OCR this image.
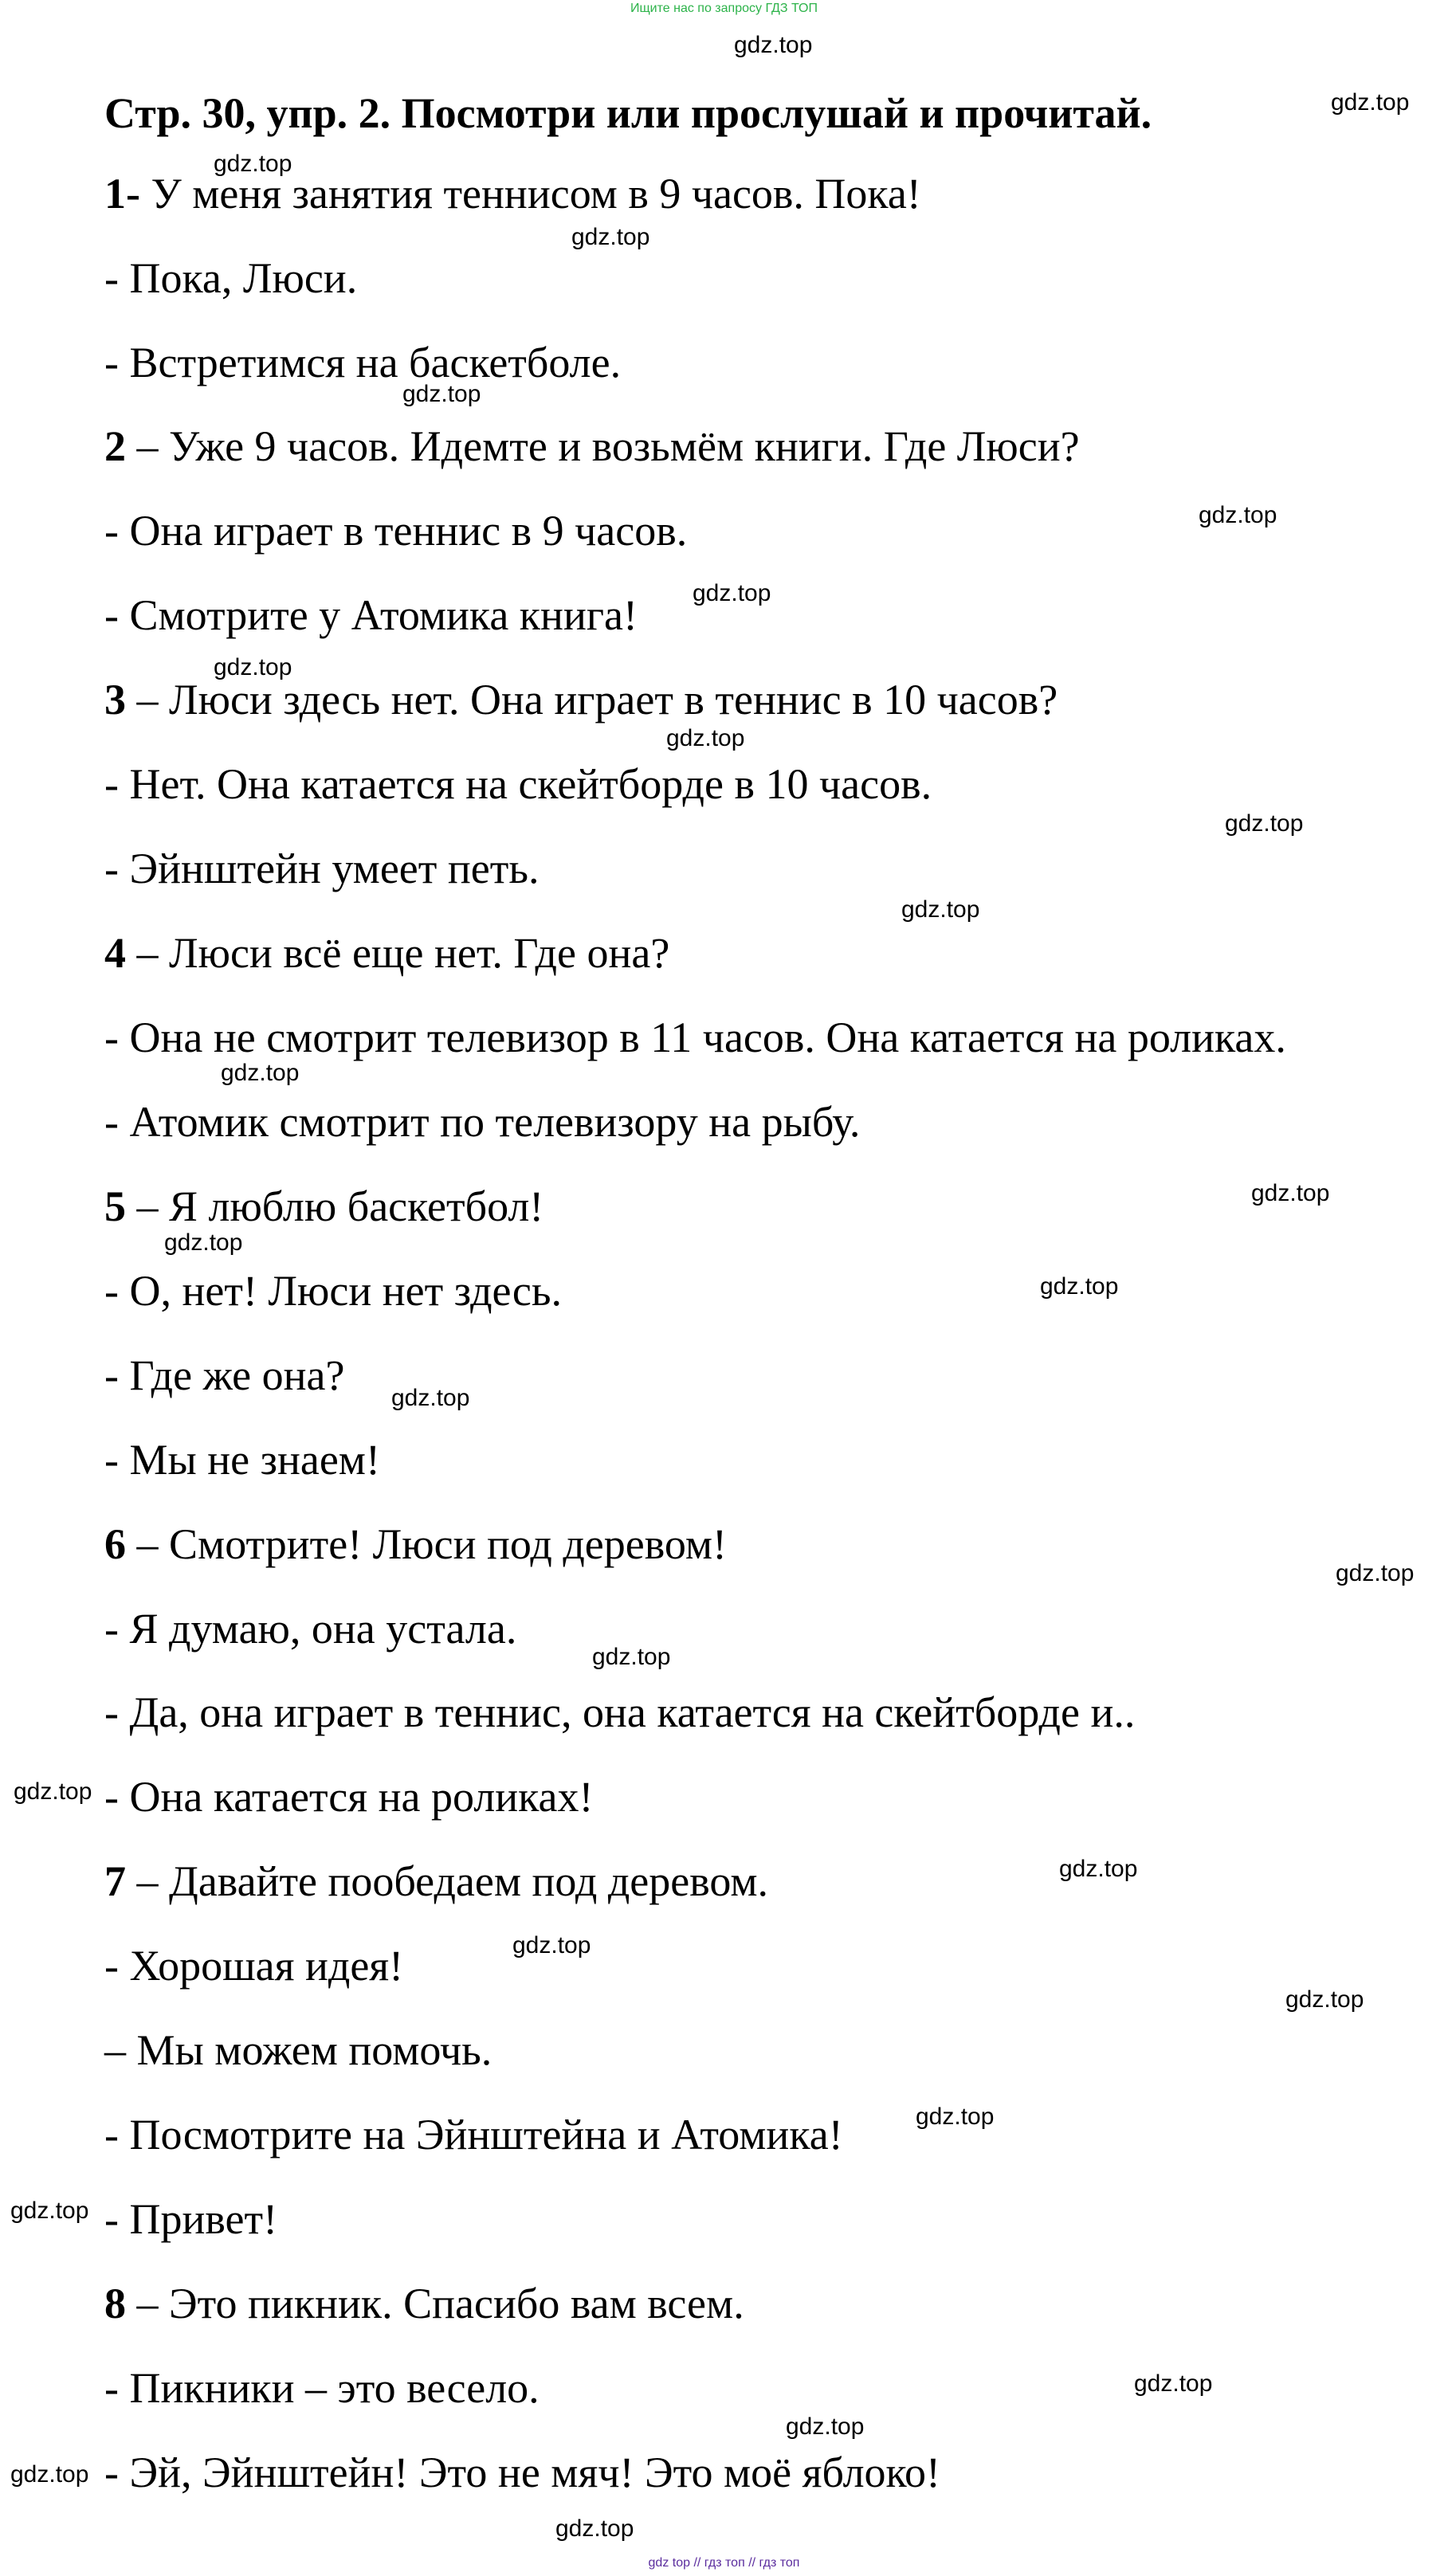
Ищите нас по запросу ГДЗ ТОП
Стр. 30, упр. 2. Посмотри или прослушай и прочитай.
1- У меня занятия теннисом в 9 часов. Пока!
- Пока, Люси.
- Встретимся на баскетболе.
2 – Уже 9 часов. Идемте и возьмём книги. Где Люси?
- Она играет в теннис в 9 часов.
- Смотрите у Атомика книга!
3 – Люси здесь нет. Она играет в теннис в 10 часов?
- Нет. Она катается на скейтборде в 10 часов.
- Эйнштейн умеет петь.
4 – Люси всё еще нет. Где она?
- Она не смотрит телевизор в 11 часов. Она катается на роликах.
- Атомик смотрит по телевизору на рыбу.
5 – Я люблю баскетбол!
- О, нет! Люси нет здесь.
- Где же она?
- Мы не знаем!
6 – Смотрите! Люси под деревом!
- Я думаю, она устала.
- Да, она играет в теннис, она катается на скейтборде и..
- Она катается на роликах!
7 – Давайте пообедаем под деревом.
- Хорошая идея!
– Мы можем помочь.
- Посмотрите на Эйнштейна и Атомика!
- Привет!
8 – Это пикник. Спасибо вам всем.
- Пикники – это весело.
- Эй, Эйнштейн! Это не мяч! Это моё яблоко!
gdz.top
gdz.top
gdz.top
gdz.top
gdz.top
gdz.top
gdz.top
gdz.top
gdz.top
gdz.top
gdz.top
gdz.top
gdz.top
gdz.top
gdz.top
gdz.top
gdz.top
gdz.top
gdz.top
gdz.top
gdz.top
gdz.top
gdz.top
gdz.top
gdz.top
gdz.top
gdz.top
gdz.top
gdz top // гдз топ // гдз топ
